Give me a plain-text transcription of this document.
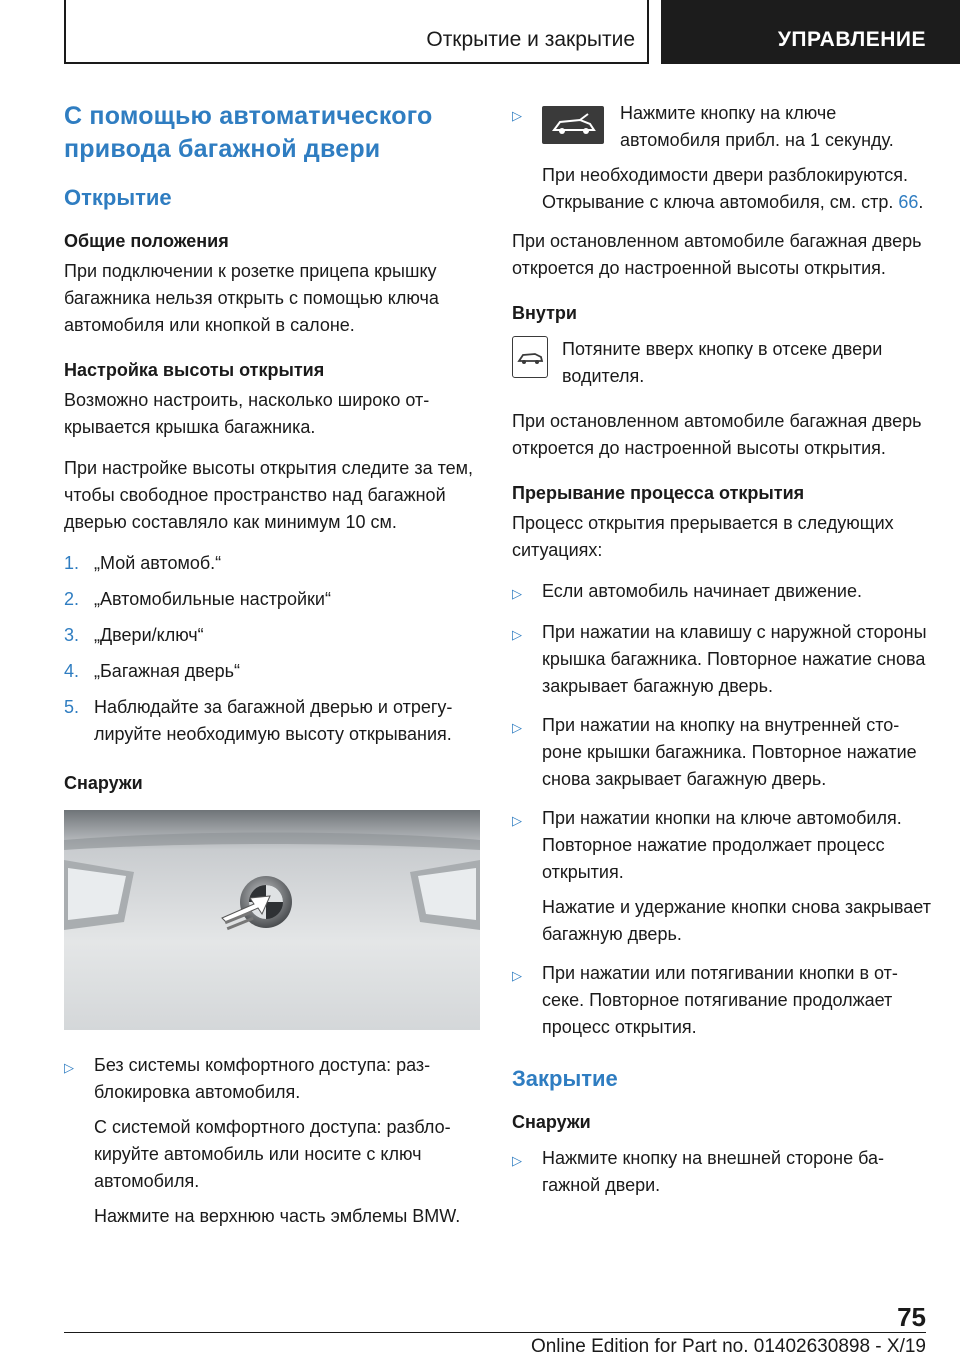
Открытие и закрытие	УПРАВЛЕНИЕ
С помощью автоматического привода багажной двери
Открытие
Общие положения

При подключении к розетке прицепа крышку багажника нельзя открыть с помощью ключа автомобиля или кнопкой в салоне.

Настройка высоты открытия

Возможно настроить, насколько широко открывается крышка багажника.

При настройке высоты открытия следите за тем, чтобы свободное пространство над багажной дверью составляло как минимум 10 см.

1. „Мой автомоб.“
2. „Автомобильные настройки“
3. „Двери/ключ“
4. „Багажная дверь“
5. Наблюдайте за багажной дверью и отрегулируйте необходимую высоту открывания.
Снаружи
▷	Без системы комфортного доступа: разблокировка автомобиля.
С системой комфортного доступа: разблокируйте автомобиль или носите с ключ автомобиля.
Нажмите на верхнюю часть эмблемы BMW.
▷	Нажмите кнопку на ключе автомобиля прибл. на 1 секунду.
При необходимости двери разблокируются. Открывание с ключа автомобиля, см. стр. 66.

При остановленном автомобиле багажная дверь откроется до настроенной высоты открытия.

Внутри
Потяните вверх кнопку в отсеке двери водителя.

При остановленном автомобиле багажная дверь откроется до настроенной высоты открытия.

Прерывание процесса открытия

Процесс открытия прерывается в следующих ситуациях:

▷	Если автомобиль начинает движение.
▷	При нажатии на клавишу с наружной стороны крышка багажника. Повторное нажатие снова закрывает багажную дверь.
▷	При нажатии на кнопку на внутренней стороне крышки багажника. Повторное нажатие снова закрывает багажную дверь.
▷	При нажатии кнопки на ключе автомобиля. Повторное нажатие продолжает процесс открытия.
Нажатие и удержание кнопки снова закрывает багажную дверь.
▷	При нажатии или потягивании кнопки в отсеке. Повторное потягивание продолжает процесс открытия.
Закрытие
Снаружи
▷	Нажмите кнопку на внешней стороне багажной двери.
75
Online Edition for Part no. 01402630898 - X/19
